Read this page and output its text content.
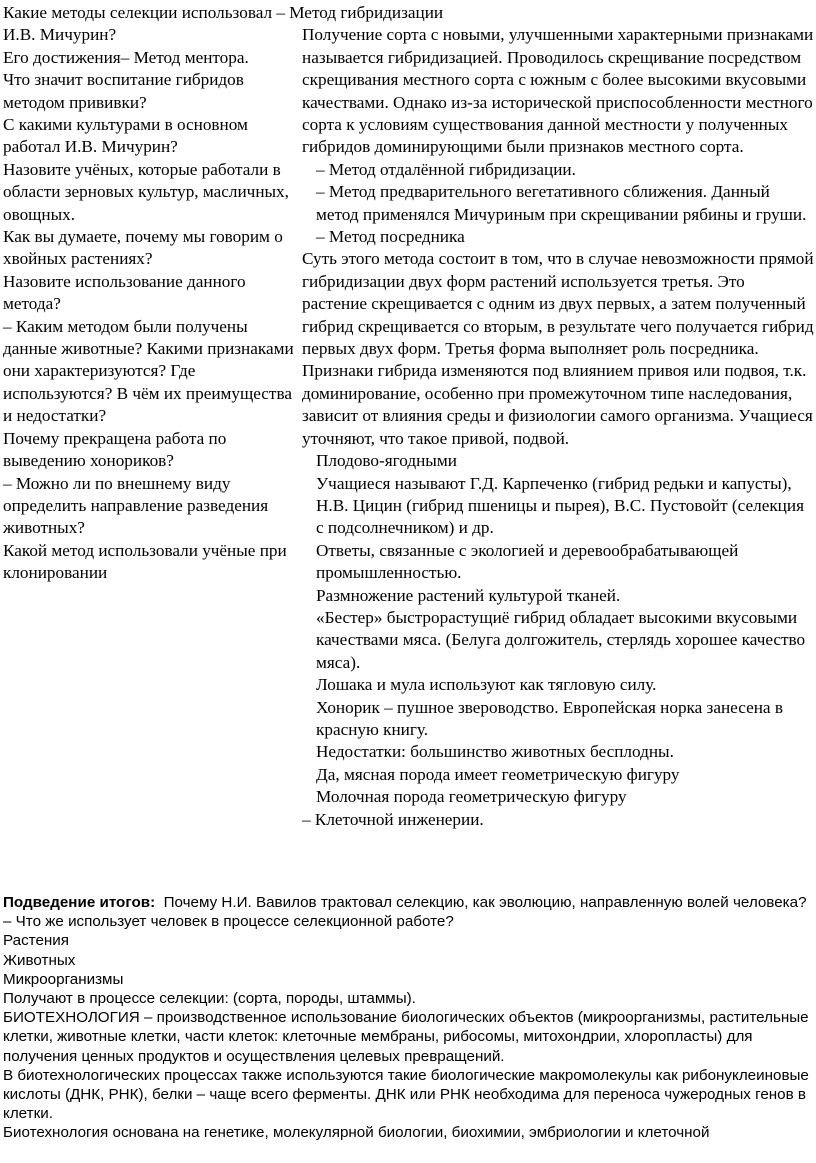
Какие методы селекции использовал – Метод гибридизации

И.В. Мичурин?

Его достижения– Метод ментора.

Что значит воспитание гибридов методом прививки?

С какими культурами в основном работал И.В. Мичурин?

Назовите учёных, которые работали в области зерновых культур, масличных, овощных.

Как вы думаете, почему мы говорим о хвойных растениях?

Назовите использование данного метода?

– Каким методом были получены данные животные? Какими признаками они характеризуются? Где используются? В чём их преимущества и недостатки?

Почему прекращена работа по выведению хонориков?

– Можно ли по внешнему виду определить направление разведения животных?

Какой метод использовали учёные при клонировании

Получение сорта с новыми, улучшенными характерными признаками называется гибридизацией. Проводилось скрещивание посредством скрещивания местного сорта с южным с более высокими вкусовыми качествами. Однако из-за исторической приспособленности местного сорта к условиям существования данной местности у полученных гибридов доминирующими были признаков местного сорта.

– Метод отдалённой гибридизации.

– Метод предварительного вегетативного сближения. Данный метод применялся Мичуриным при скрещивании рябины и груши.

– Метод посредника

Суть этого метода состоит в том, что в случае невозможности прямой гибридизации двух форм растений используется третья. Это растение скрещивается с одним из двух первых, а затем полученный гибрид скрещивается со вторым, в результате чего получается гибрид первых двух форм. Третья форма выполняет роль посредника.

Признаки гибрида изменяются под влиянием привоя или подвоя, т.к. доминирование, особенно при промежуточном типе наследования, зависит от влияния среды и физиологии самого организма. Учащиеся уточняют, что такое привой, подвой.

Плодово-ягодными

Учащиеся называют Г.Д. Карпеченко (гибрид редьки и капусты), Н.В. Цицин (гибрид пшеницы и пырея), В.С. Пустовойт (селекция с подсолнечником) и др.

Ответы, связанные с экологией и деревообрабатывающей промышленностью.

Размножение растений культурой тканей.

«Бестер» быстрорастущиё гибрид обладает высокими вкусовыми качествами мяса. (Белуга долгожитель, стерлядь хорошее качество мяса).

Лошака и мула используют как тягловую силу.

Хонорик – пушное звероводство. Европейская норка занесена в красную книгу.

Недостатки: большинство животных бесплодны.

Да, мясная порода имеет геометрическую фигуру

Молочная порода геометрическую фигуру

– Клеточной инженерии.

Подведение итогов: Почему Н.И. Вавилов трактовал селекцию, как эволюцию, направленную волей человека?

– Что же использует человек в процессе селекционной работе?

Растения

Животных

Микроорганизмы

Получают в процессе селекции: (сорта, породы, штаммы).

БИОТЕХНОЛОГИЯ – производственное использование биологических объектов (микроорганизмы, растительные клетки, животные клетки, части клеток: клеточные мембраны, рибосомы, митохондрии, хлоропласты) для получения ценных продуктов и осуществления целевых превращений.

В биотехнологических процессах также используются такие биологические макромолекулы как рибонуклеиновые кислоты (ДНК, РНК), белки – чаще всего ферменты. ДНК или РНК необходима для переноса чужеродных генов в клетки.

Биотехнология основана на генетике, молекулярной биологии, биохимии, эмбриологии и клеточной
